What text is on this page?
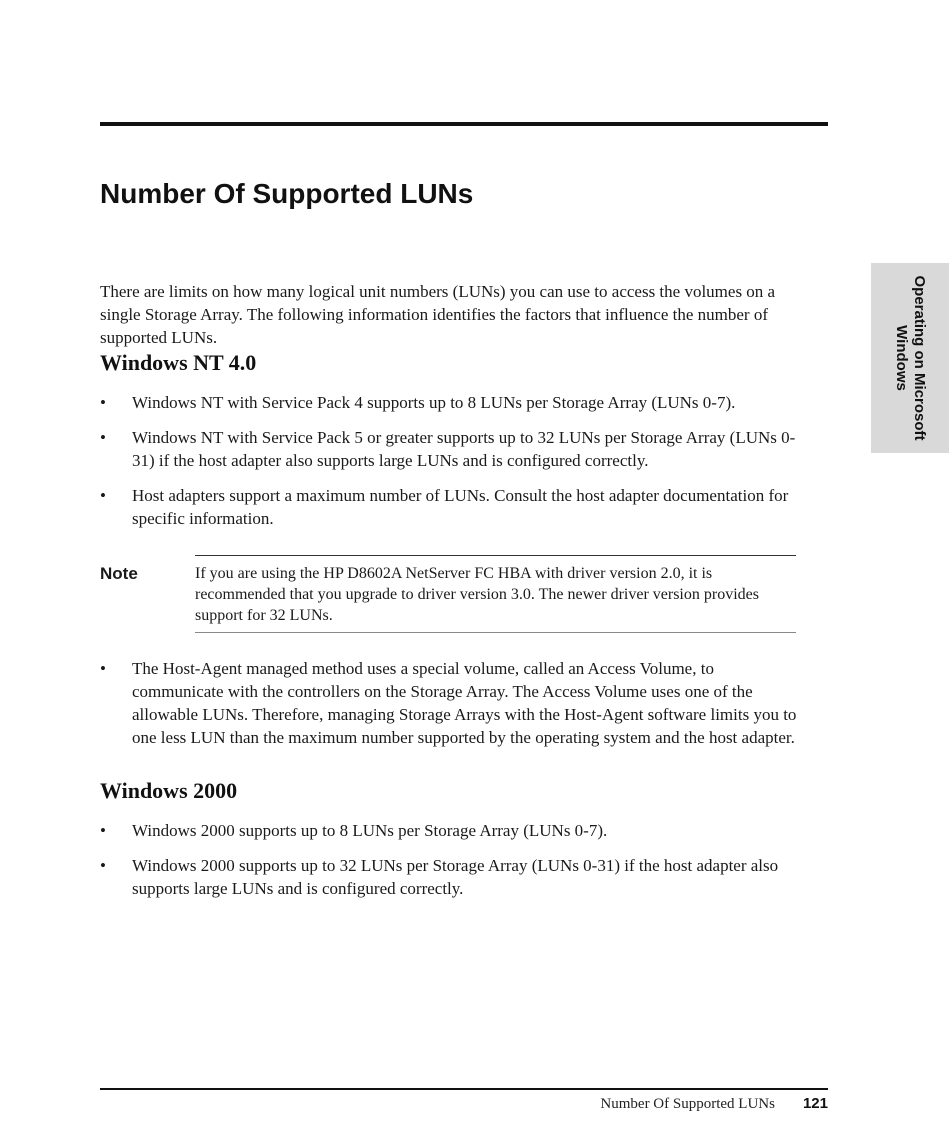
Number Of Supported LUNs
Operating on Microsoft
Windows

There are limits on how many logical unit numbers (LUNs) you can use to access the volumes on a single Storage Array. The following information identifies the factors that influence the number of supported LUNs.

Windows NT 4.0
• Windows NT with Service Pack 4 supports up to 8 LUNs per Storage Array (LUNs 0-7).
• Windows NT with Service Pack 5 or greater supports up to 32 LUNs per Storage Array (LUNs 0-31) if the host adapter also supports large LUNs and is configured correctly.
• Host adapters support a maximum number of LUNs. Consult the host adapter documentation for specific information.
Note	If you are using the HP D8602A NetServer FC HBA with driver version 2.0, it is recommended that you upgrade to driver version 3.0. The newer driver version provides support for 32 LUNs.
• The Host-Agent managed method uses a special volume, called an Access Volume, to communicate with the controllers on the Storage Array. The Access Volume uses one of the allowable LUNs. Therefore, managing Storage Arrays with the Host-Agent software limits you to one less LUN than the maximum number supported by the operating system and the host adapter.
Windows 2000
• Windows 2000 supports up to 8 LUNs per Storage Array (LUNs 0-7).
• Windows 2000 supports up to 32 LUNs per Storage Array (LUNs 0-31) if the host adapter also supports large LUNs and is configured correctly.
Number Of Supported LUNs 121
